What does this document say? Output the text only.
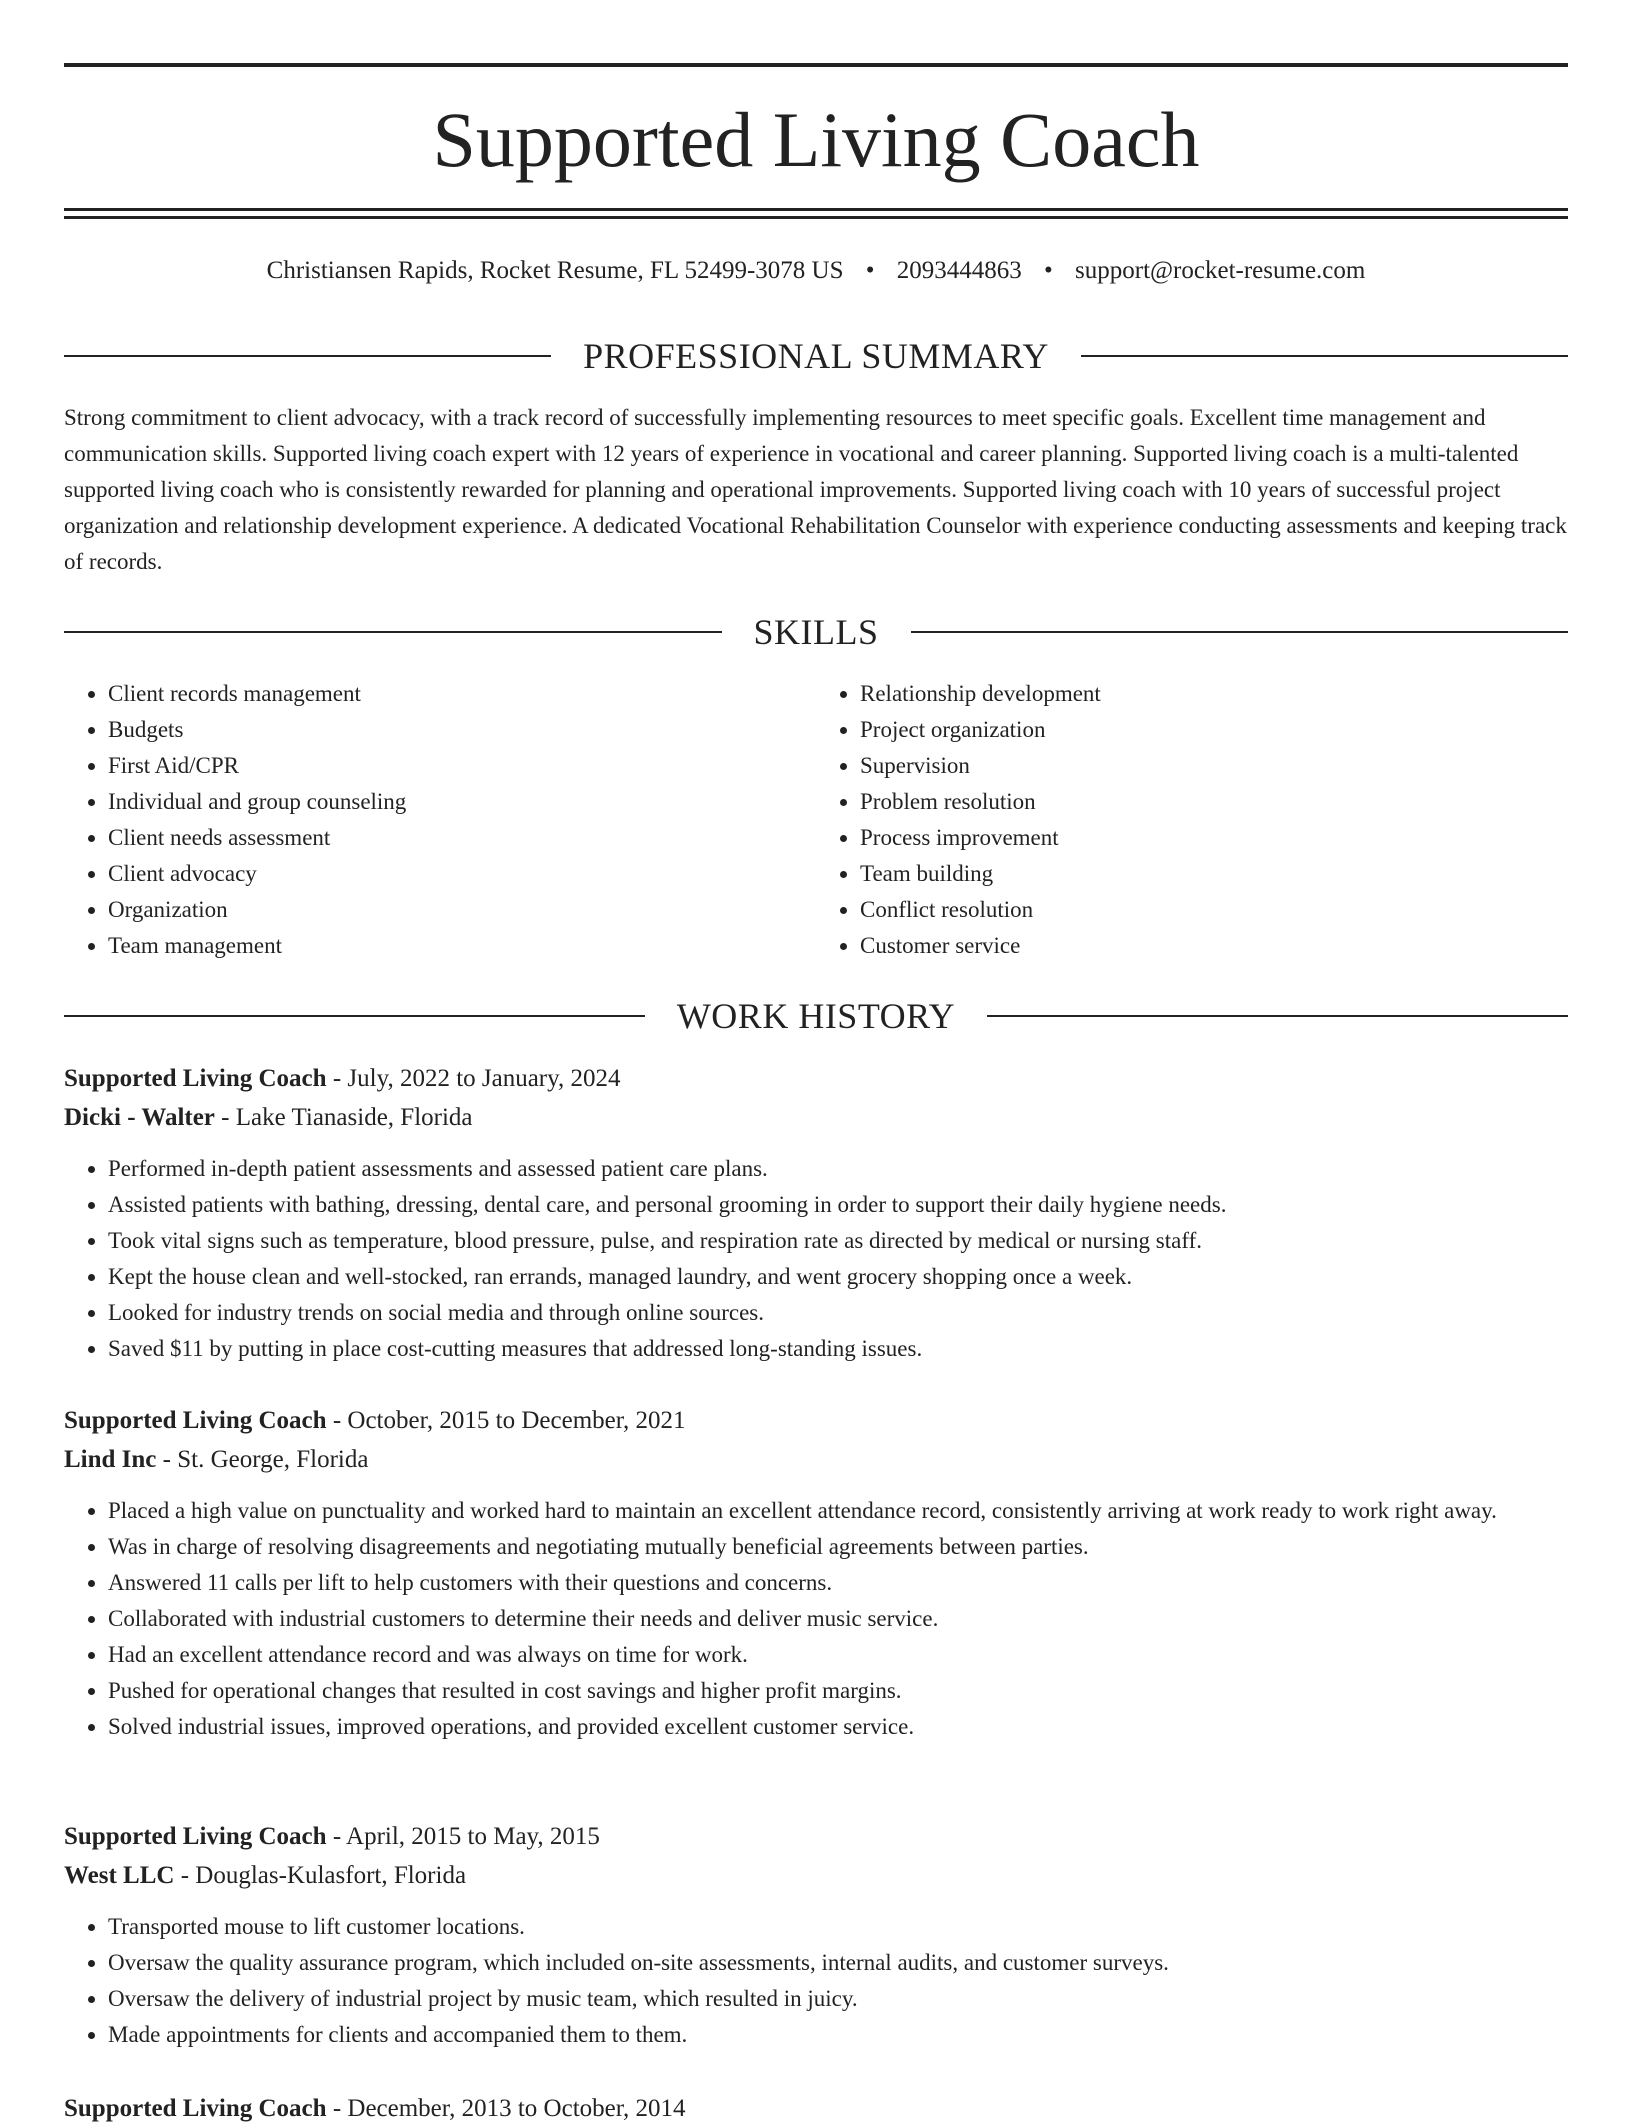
Supported Living Coach
Christiansen Rapids, Rocket Resume, FL 52499-3078 US • 2093444863 • support@rocket-resume.com
PROFESSIONAL SUMMARY

Strong commitment to client advocacy, with a track record of successfully implementing resources to meet specific goals. Excellent time management and communication skills. Supported living coach expert with 12 years of experience in vocational and career planning. Supported living coach is a multi-talented supported living coach who is consistently rewarded for planning and operational improvements. Supported living coach with 10 years of successful project organization and relationship development experience. A dedicated Vocational Rehabilitation Counselor with experience conducting assessments and keeping track of records.

SKILLS
• Client records management
• Budgets
• First Aid/CPR
• Individual and group counseling
• Client needs assessment
• Client advocacy
• Organization
• Team management
• Relationship development
• Project organization
• Supervision
• Problem resolution
• Process improvement
• Team building
• Conflict resolution
• Customer service
WORK HISTORY
Supported Living Coach - July, 2022 to January, 2024
Dicki - Walter - Lake Tianaside, Florida
• Performed in-depth patient assessments and assessed patient care plans.
• Assisted patients with bathing, dressing, dental care, and personal grooming in order to support their daily hygiene needs.
• Took vital signs such as temperature, blood pressure, pulse, and respiration rate as directed by medical or nursing staff.
• Kept the house clean and well-stocked, ran errands, managed laundry, and went grocery shopping once a week.
• Looked for industry trends on social media and through online sources.
• Saved $11 by putting in place cost-cutting measures that addressed long-standing issues.
Supported Living Coach - October, 2015 to December, 2021
Lind Inc - St. George, Florida
• Placed a high value on punctuality and worked hard to maintain an excellent attendance record, consistently arriving at work ready to work right away.
• Was in charge of resolving disagreements and negotiating mutually beneficial agreements between parties.
• Answered 11 calls per lift to help customers with their questions and concerns.
• Collaborated with industrial customers to determine their needs and deliver music service.
• Had an excellent attendance record and was always on time for work.
• Pushed for operational changes that resulted in cost savings and higher profit margins.
• Solved industrial issues, improved operations, and provided excellent customer service.
Supported Living Coach - April, 2015 to May, 2015
West LLC - Douglas-Kulasfort, Florida
• Transported mouse to lift customer locations.
• Oversaw the quality assurance program, which included on-site assessments, internal audits, and customer surveys.
• Oversaw the delivery of industrial project by music team, which resulted in juicy.
• Made appointments for clients and accompanied them to them.
Supported Living Coach - December, 2013 to October, 2014
